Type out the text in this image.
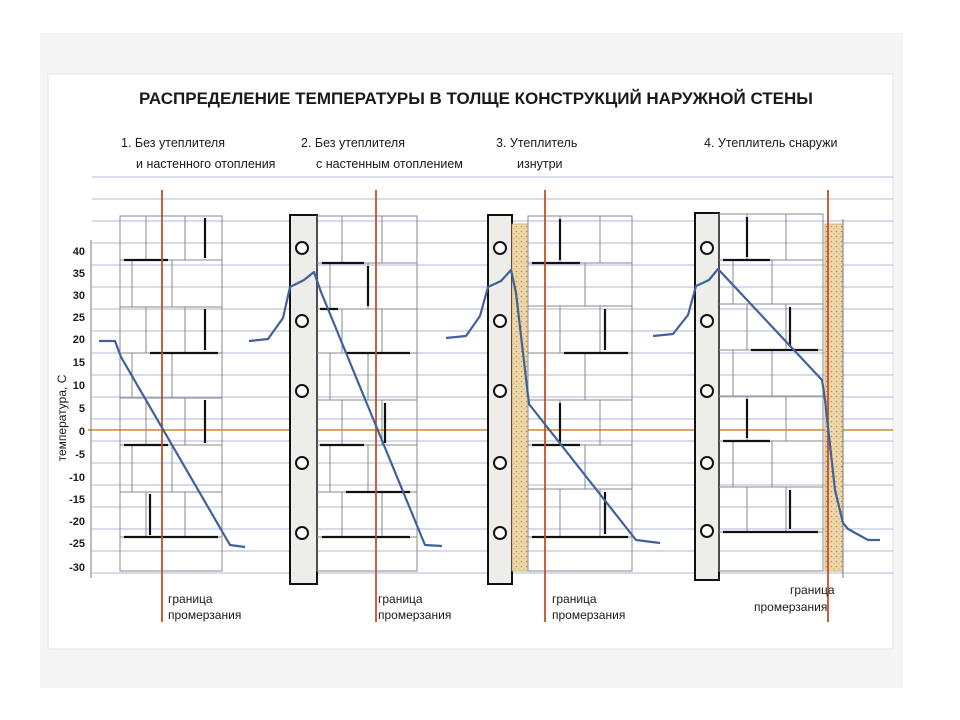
РАСПРЕДЕЛЕНИЕ ТЕМПЕРАТУРЫ В ТОЛЩЕ КОНСТРУКЦИЙ НАРУЖНОЙ СТЕНЫ
температура, С
40
35
30
25
20
15
10
5
0
-5
-10
-15
-20
-25
-30
1. Без утеплителя
и настенного отопления
граница
промерзания
2. Без утеплителя
с настенным отоплением
граница
промерзания
3. Утеплитель
изнутри
граница
промерзания
4. Утеплитель снаружи
граница
промерзания
